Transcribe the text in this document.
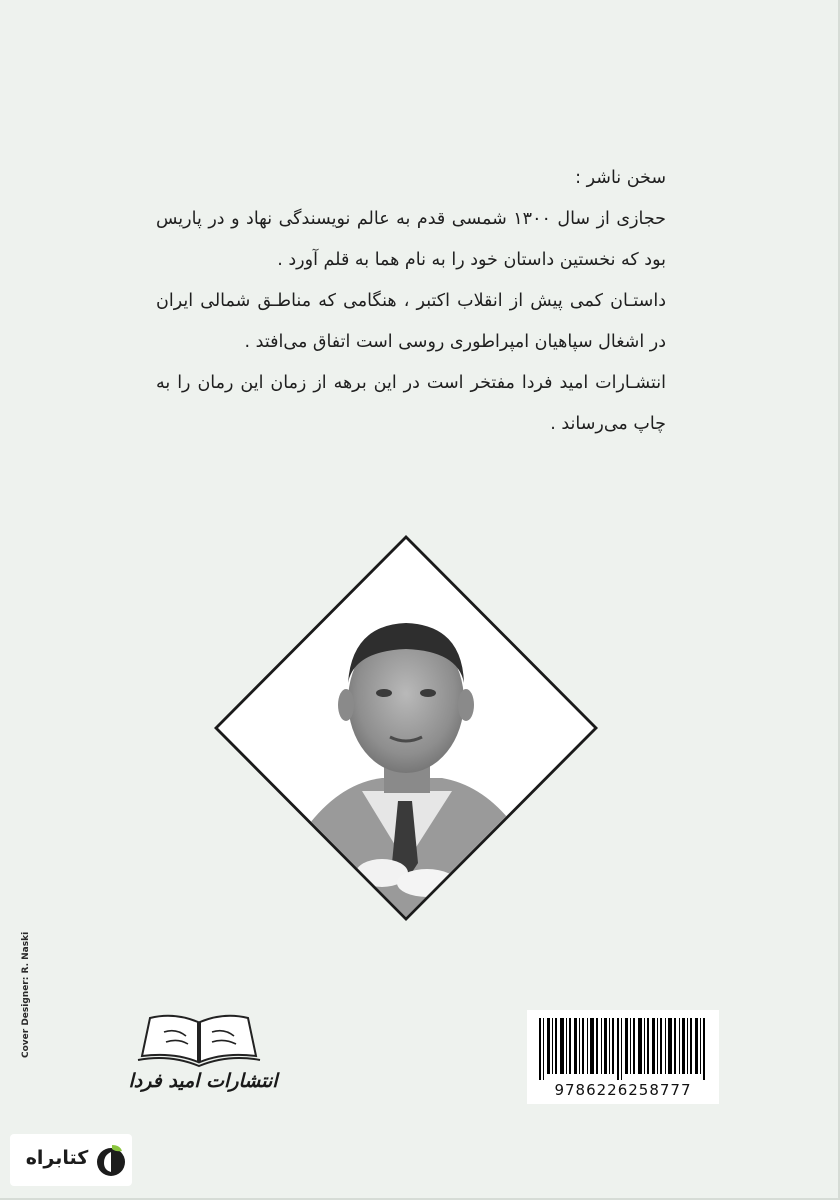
سخن ناشر :

حجازی از سال ۱۳۰۰ شمسی قدم به عالم نویسندگی نهاد و در پاریس بود که نخستین داستان خود را به نام هما به قلم آورد .

داستـان کمی پیش از انقلاب اکتبر ، هنگامی که مناطـق شمالی ایران در اشغال سپاهیان امپراطوری روسی است اتفاق می‌افتد .

انتشـارات امید فردا مفتخر است در این برهه از زمان این رمان را به چاپ می‌رساند .

Cover Designer: R. Naski
انتشارات امید فردا	9786226258777
کتابراه
